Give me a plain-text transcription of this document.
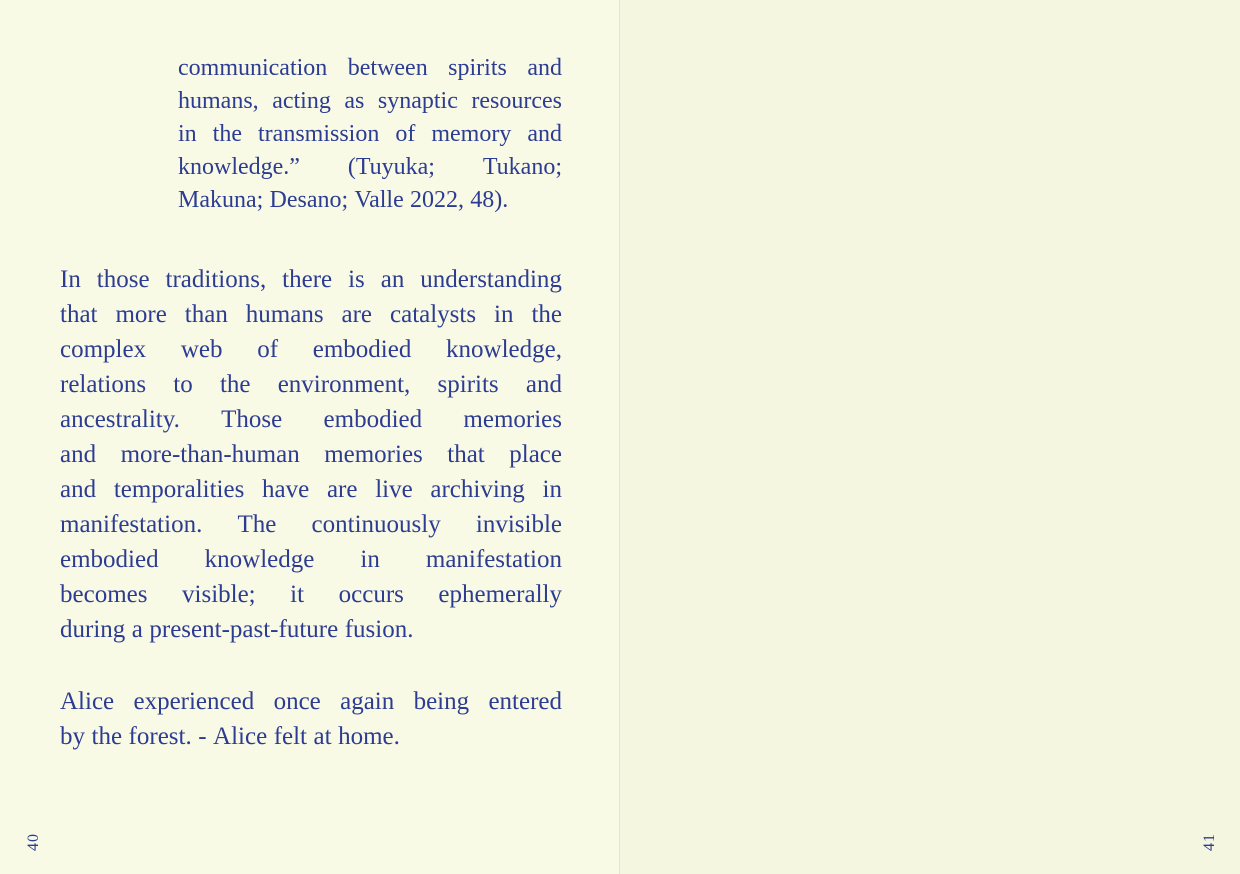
communication between spirits and
humans, acting as synaptic resources
in the transmission of memory and
knowledge.” (Tuyuka; Tukano;
Makuna; Desano; Valle 2022, 48).
In those traditions, there is an understanding
that more than humans are catalysts in the
complex web of embodied knowledge,
relations to the environment, spirits and
ancestrality. Those embodied memories
and more-than-human memories that place
and temporalities have are live archiving in
manifestation. The continuously invisible
embodied knowledge in manifestation
becomes visible; it occurs ephemerally
during a present-past-future fusion.
Alice experienced once again being entered
by the forest. - Alice felt at home.
40	41
